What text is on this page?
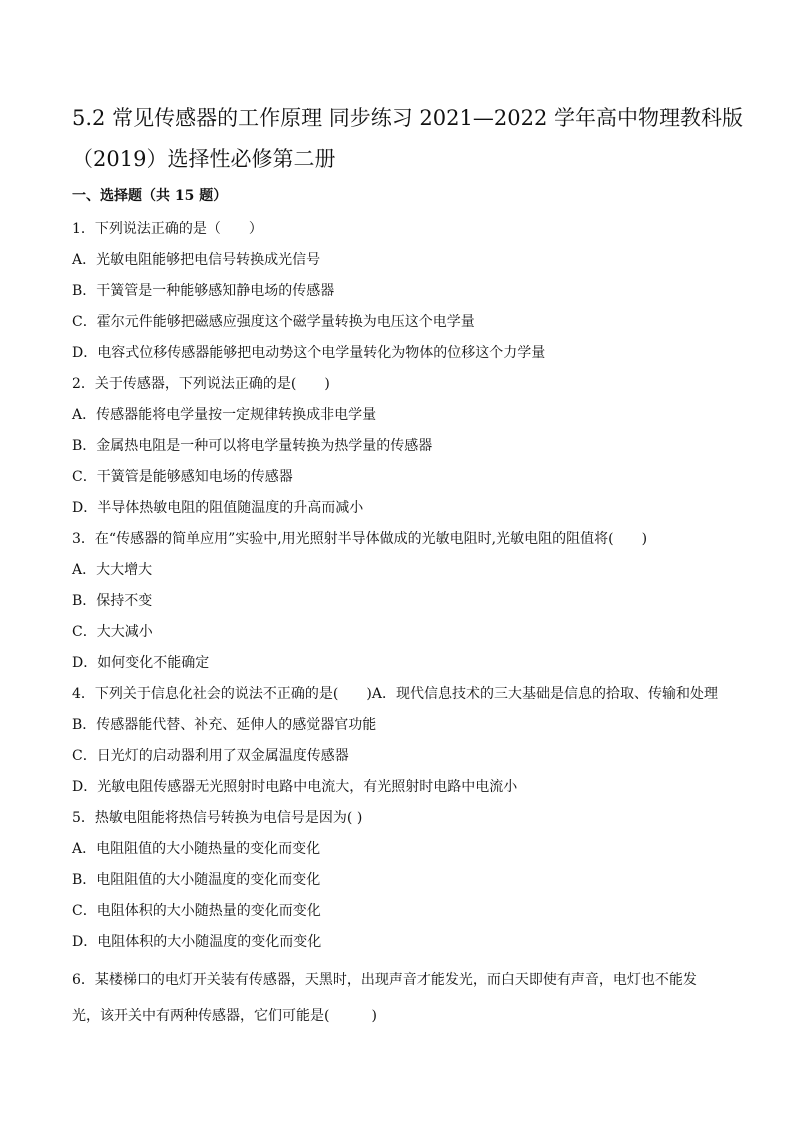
5.2 常见传感器的工作原理 同步练习 2021—2022 学年高中物理教科版
（2019）选择性必修第二册
一、选择题（共 15 题）
1．下列说法正确的是（　　）
A．光敏电阻能够把电信号转换成光信号
B．干簧管是一种能够感知静电场的传感器
C．霍尔元件能够把磁感应强度这个磁学量转换为电压这个电学量
D．电容式位移传感器能够把电动势这个电学量转化为物体的位移这个力学量
2．关于传感器，下列说法正确的是(　　)
A．传感器能将电学量按一定规律转换成非电学量
B．金属热电阻是一种可以将电学量转换为热学量的传感器
C．干簧管是能够感知电场的传感器
D．半导体热敏电阻的阻值随温度的升高而减小
3．在“传感器的简单应用”实验中,用光照射半导体做成的光敏电阻时,光敏电阻的阻值将(　　)
A．大大增大
B．保持不变
C．大大减小
D．如何变化不能确定
4．下列关于信息化社会的说法不正确的是(　　)A．现代信息技术的三大基础是信息的拾取、传输和处理
B．传感器能代替、补充、延伸人的感觉器官功能
C．日光灯的启动器利用了双金属温度传感器
D．光敏电阻传感器无光照射时电路中电流大，有光照射时电路中电流小
5．热敏电阻能将热信号转换为电信号是因为( )
A．电阻阻值的大小随热量的变化而变化
B．电阻阻值的大小随温度的变化而变化
C．电阻体积的大小随热量的变化而变化
D．电阻体积的大小随温度的变化而变化
6．某楼梯口的电灯开关装有传感器，天黑时，出现声音才能发光，而白天即使有声音，电灯也不能发光，该开关中有两种传感器，它们可能是(　　　)
